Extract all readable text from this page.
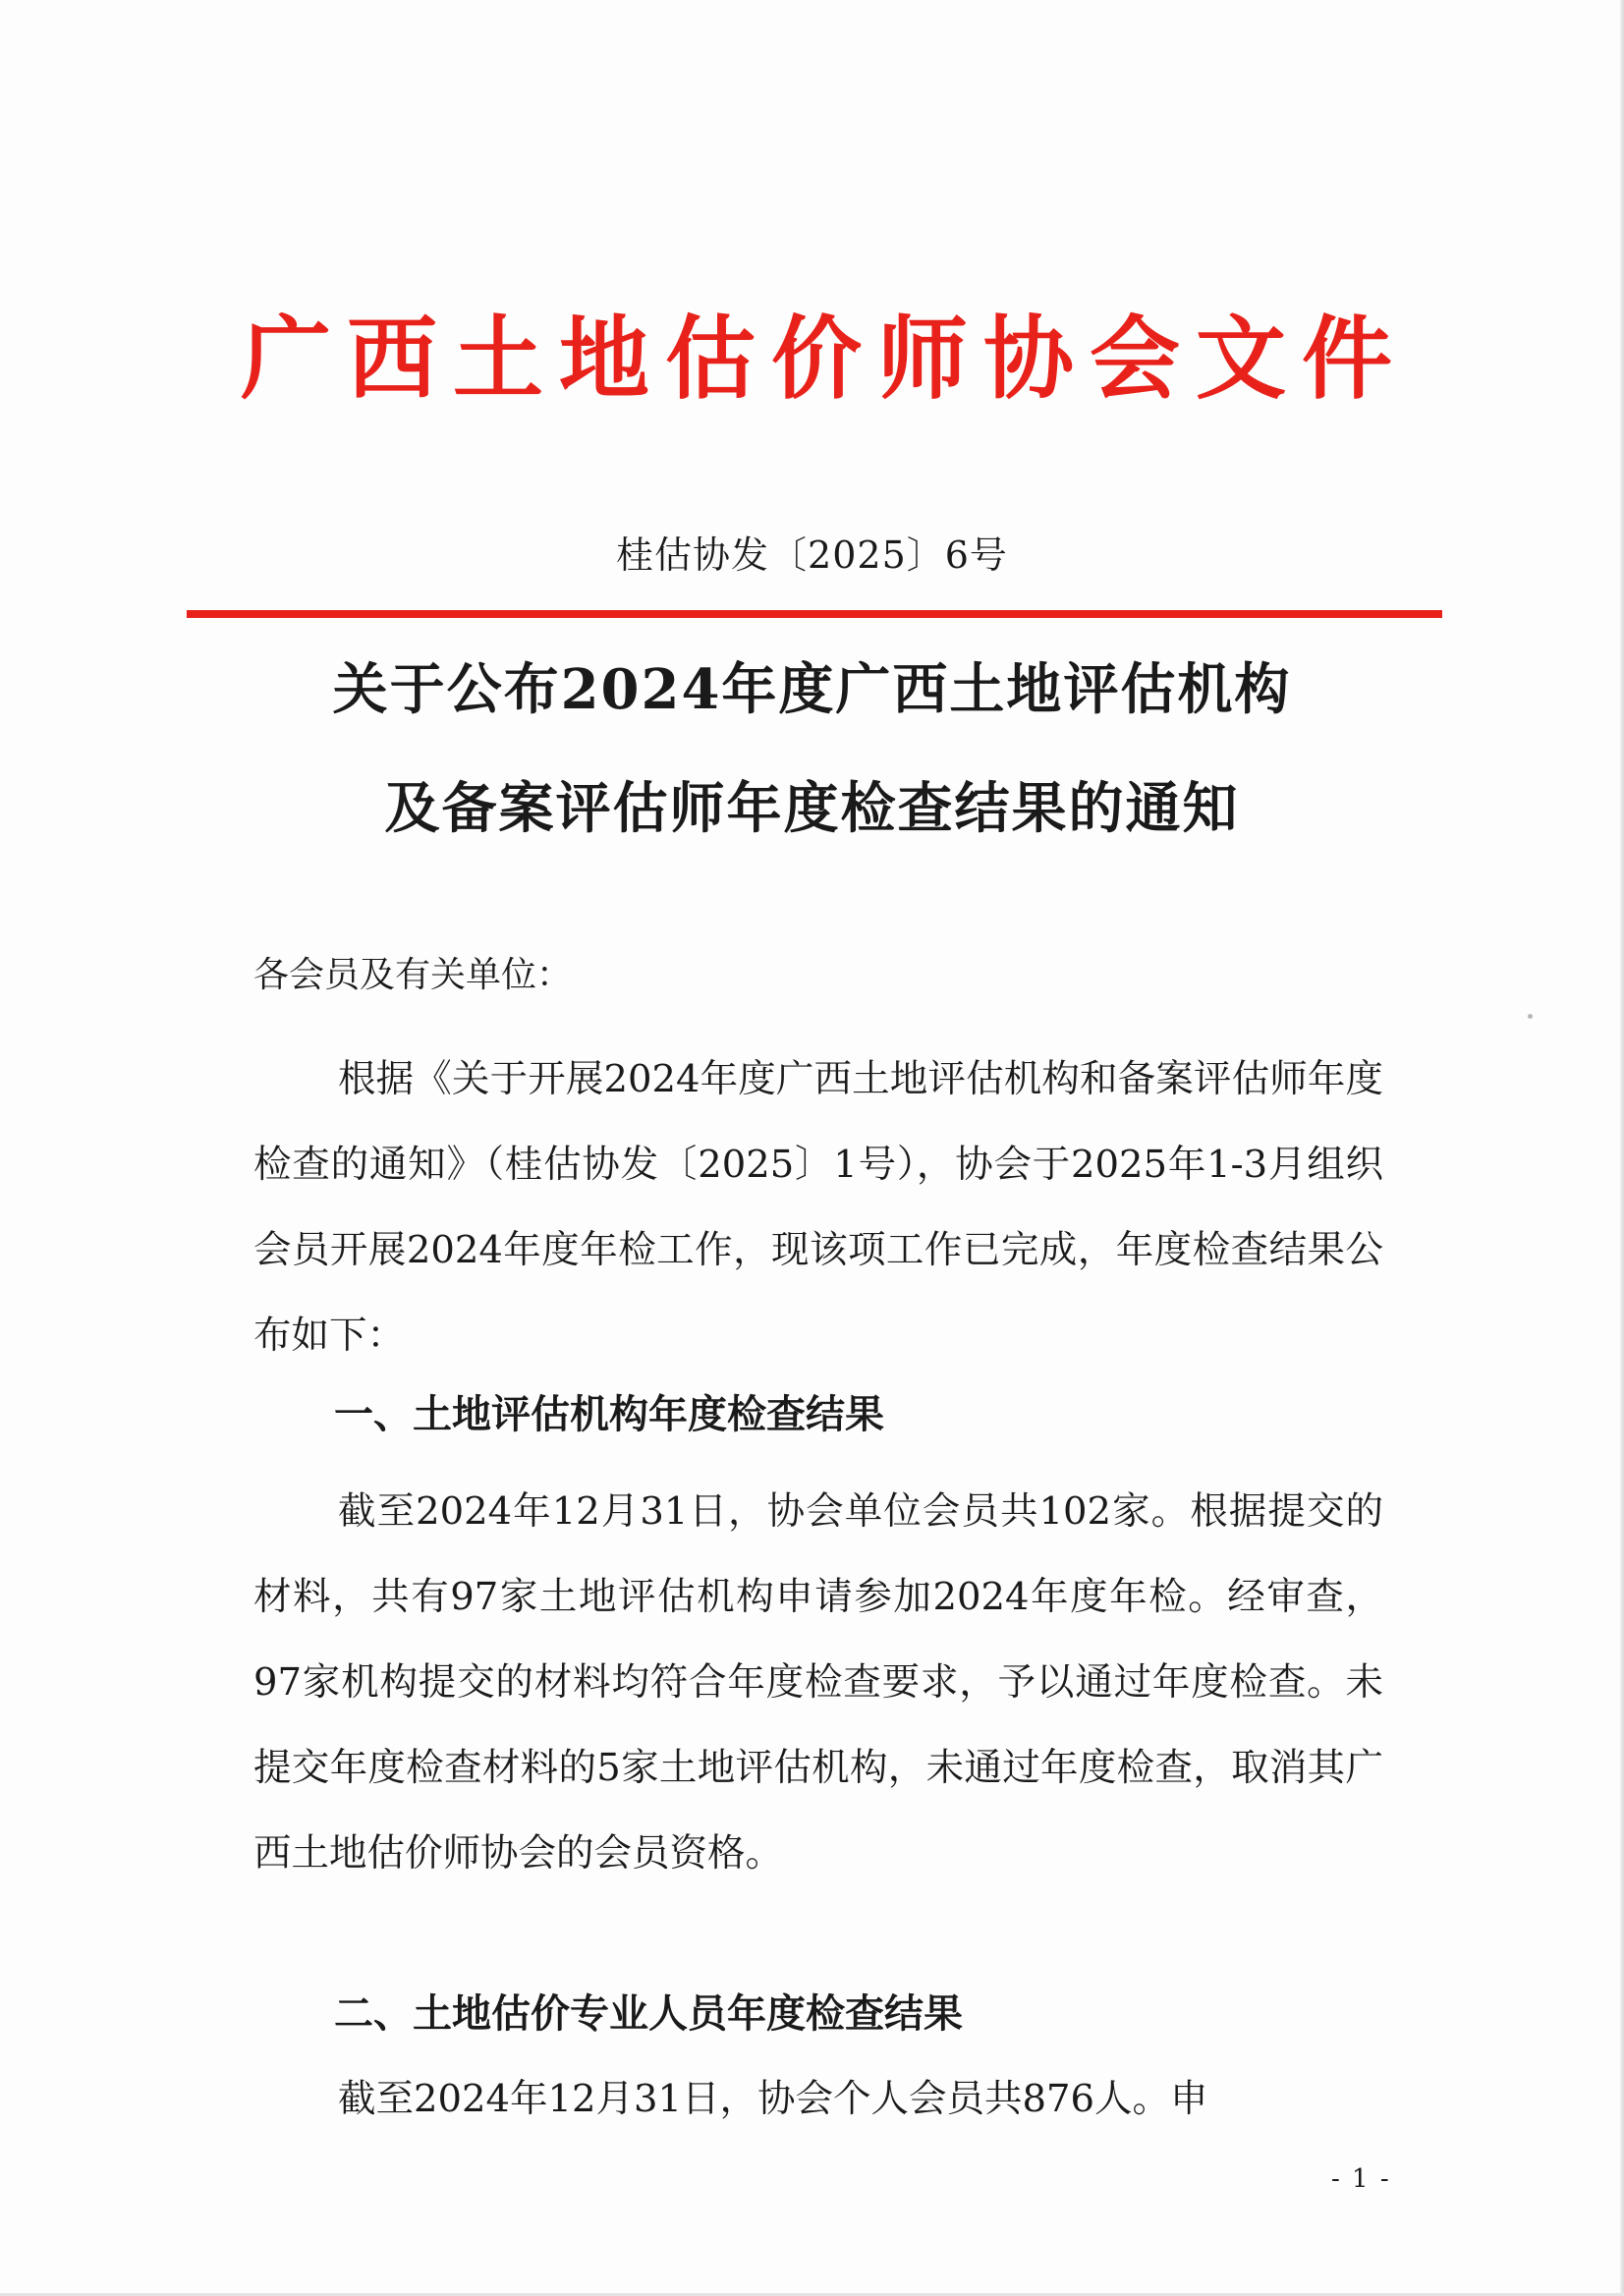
广西土地估价师协会文件
桂估协发〔2025〕6号
关于公布2024年度广西土地评估机构
及备案评估师年度检查结果的通知
各会员及有关单位：
根据《关于开展2024年度广西土地评估机构和备案评估师年度检查的通知》（桂估协发〔2025〕1号），协会于2025年1-3月组织会员开展2024年度年检工作，现该项工作已完成，年度检查结果公布如下：
一、土地评估机构年度检查结果
截至2024年12月31日，协会单位会员共102家。根据提交的材料，共有97家土地评估机构申请参加2024年度年检。经审查，97家机构提交的材料均符合年度检查要求，予以通过年度检查。未提交年度检查材料的5家土地评估机构，未通过年度检查，取消其广西土地估价师协会的会员资格。
二、土地估价专业人员年度检查结果
截至2024年12月31日，协会个人会员共876人。申
- 1 -
